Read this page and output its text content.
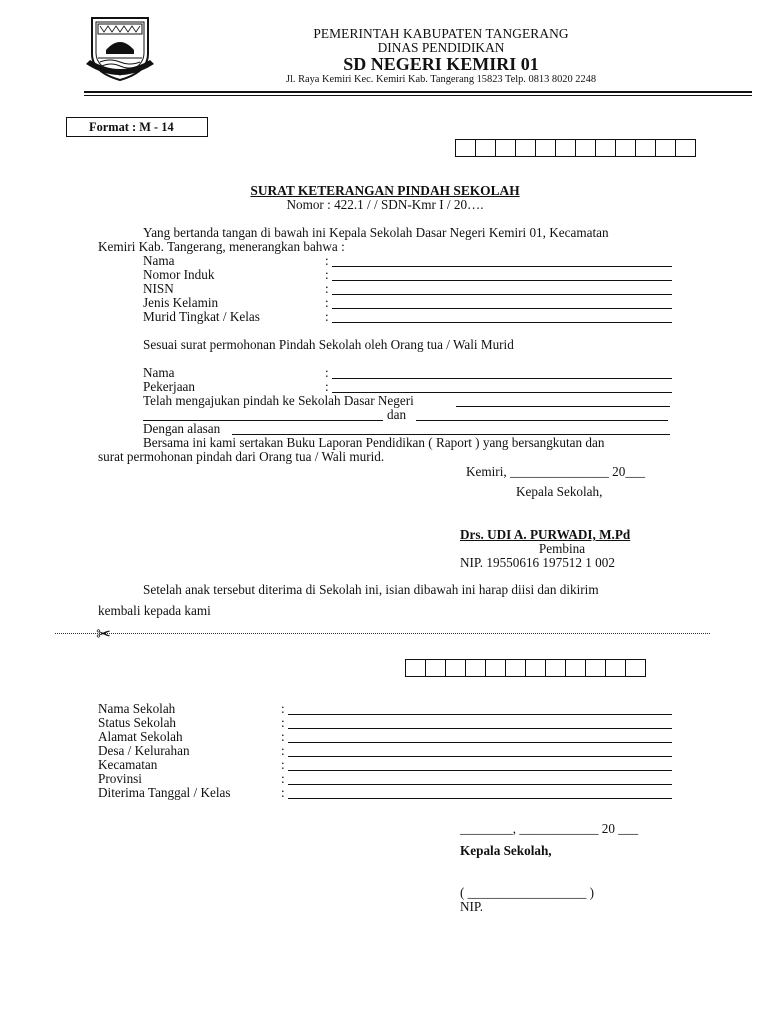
PEMERINTAH KABUPATEN TANGERANG
DINAS PENDIDIKAN
SD NEGERI KEMIRI 01
Jl. Raya Kemiri Kec. Kemiri Kab. Tangerang 15823 Telp. 0813 8020 2248
Format : M - 14
SURAT KETERANGAN PINDAH SEKOLAH
Nomor : 422.1 / / SDN-Kmr I / 20….
Yang bertanda tangan di bawah ini Kepala Sekolah Dasar Negeri Kemiri 01, Kecamatan
Kemiri Kab. Tangerang, menerangkan bahwa :
Nama	:
Nomor Induk	:
NISN	:
Jenis Kelamin	:
Murid Tingkat / Kelas	:
Sesuai surat permohonan Pindah Sekolah oleh Orang tua / Wali Murid
Nama	:
Pekerjaan	:
Telah mengajukan pindah ke Sekolah Dasar Negeri
dan
Dengan alasan
Bersama ini kami sertakan Buku Laporan Pendidikan ( Raport ) yang bersangkutan dan
surat permohonan pindah dari Orang tua / Wali murid.
Kemiri, _______________ 20___
Kepala Sekolah,
Drs. UDI A. PURWADI, M.Pd
Pembina
NIP. 19550616 197512 1 002
Setelah anak tersebut diterima di Sekolah ini, isian dibawah ini harap diisi dan dikirim
kembali kepada kami
✂
Nama Sekolah	:
Status Sekolah	:
Alamat Sekolah	:
Desa / Kelurahan	:
Kecamatan	:
Provinsi	:
Diterima Tanggal / Kelas	:
________, ____________ 20 ___
Kepala Sekolah,
( __________________ )
NIP.
